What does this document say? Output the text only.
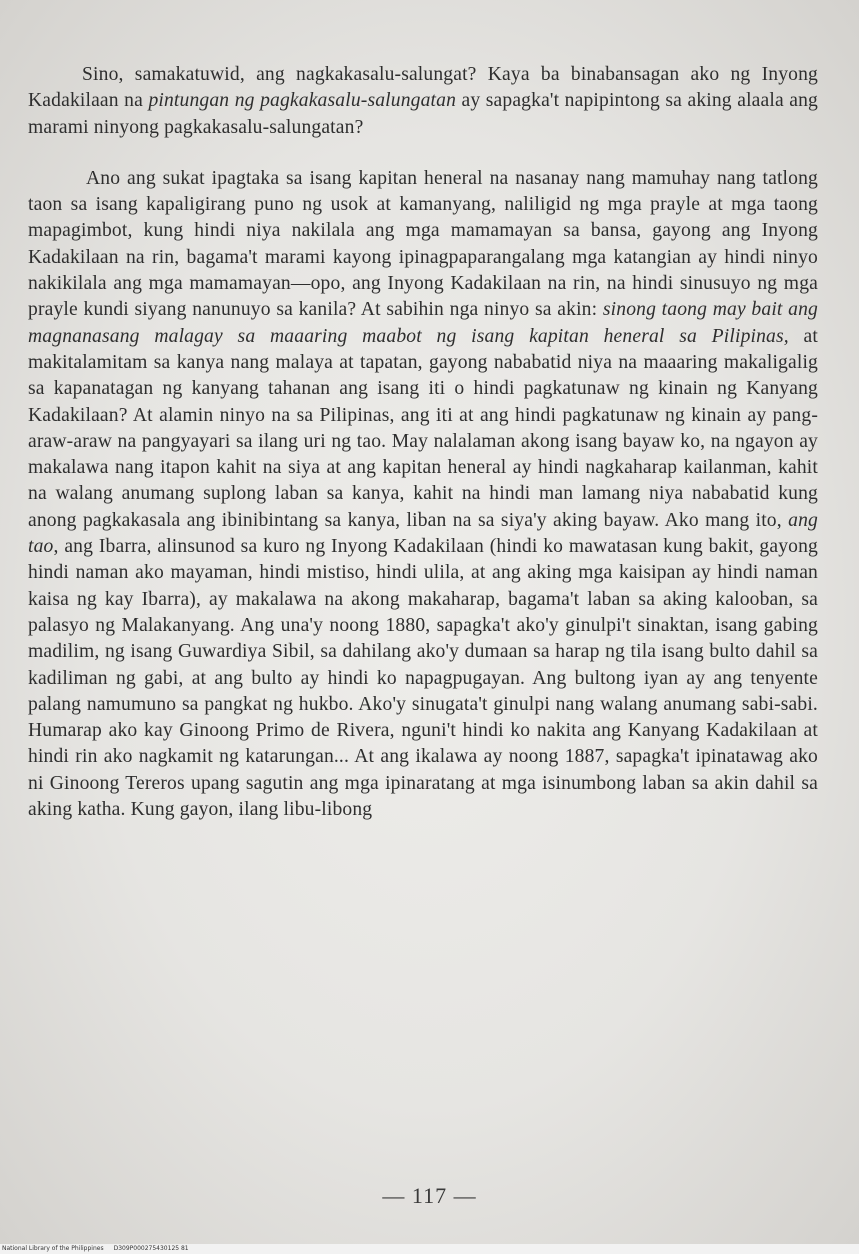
Sino, samakatuwid, ang nagkakasalu-salungat? Kaya ba binabansagan ako ng Inyong Kadakilaan na pintungan ng pagkakasalu-salungatan ay sapagka't napipintong sa aking alaala ang marami ninyong pagkakasalu-salungatan?

Ano ang sukat ipagtaka sa isang kapitan heneral na nasanay nang mamuhay nang tatlong taon sa isang kapaligirang puno ng usok at kamanyang, naliligid ng mga prayle at mga taong mapagimbot, kung hindi niya nakilala ang mga mamamayan sa bansa, gayong ang Inyong Kadakilaan na rin, bagama't marami kayong ipinagpaparangalang mga katangian ay hindi ninyo nakikilala ang mga mamamayan—opo, ang Inyong Kadakilaan na rin, na hindi sinusuyo ng mga prayle kundi siyang nanunuyo sa kanila? At sabihin nga ninyo sa akin: sinong taong may bait ang magnanasang malagay sa maaaring maabot ng isang kapitan heneral sa Pilipinas, at makitalamitam sa kanya nang malaya at tapatan, gayong nababatid niya na maaaring makaligalig sa kapanatagan ng kanyang tahanan ang isang iti o hindi pagkatunaw ng kinain ng Kanyang Kadakilaan? At alamin ninyo na sa Pilipinas, ang iti at ang hindi pagkatunaw ng kinain ay pang-araw-araw na pangyayari sa ilang uri ng tao. May nalalaman akong isang bayaw ko, na ngayon ay makalawa nang itapon kahit na siya at ang kapitan heneral ay hindi nagkaharap kailanman, kahit na walang anumang suplong laban sa kanya, kahit na hindi man lamang niya nababatid kung anong pagkakasala ang ibinibintang sa kanya, liban na sa siya'y aking bayaw. Ako mang ito, ang tao, ang Ibarra, alinsunod sa kuro ng Inyong Kadakilaan (hindi ko mawatasan kung bakit, gayong hindi naman ako mayaman, hindi mistiso, hindi ulila, at ang aking mga kaisipan ay hindi naman kaisa ng kay Ibarra), ay makalawa na akong makaharap, bagama't laban sa aking kalooban, sa palasyo ng Malakanyang. Ang una'y noong 1880, sapagka't ako'y ginulpi't sinaktan, isang gabing madilim, ng isang Guwardiya Sibil, sa dahilang ako'y dumaan sa harap ng tila isang bulto dahil sa kadiliman ng gabi, at ang bulto ay hindi ko napagpugayan. Ang bultong iyan ay ang tenyente palang namumuno sa pangkat ng hukbo. Ako'y sinugata't ginulpi nang walang anumang sabi-sabi. Humarap ako kay Ginoong Primo de Rivera, nguni't hindi ko nakita ang Kanyang Kadakilaan at hindi rin ako nagkamit ng katarungan... At ang ikalawa ay noong 1887, sapagka't ipinatawag ako ni Ginoong Tereros upang sagutin ang mga ipinaratang at mga isinumbong laban sa akin dahil sa aking katha. Kung gayon, ilang libu-libong

— 117 —
National Library of the Philippines D309P000275430125 81
